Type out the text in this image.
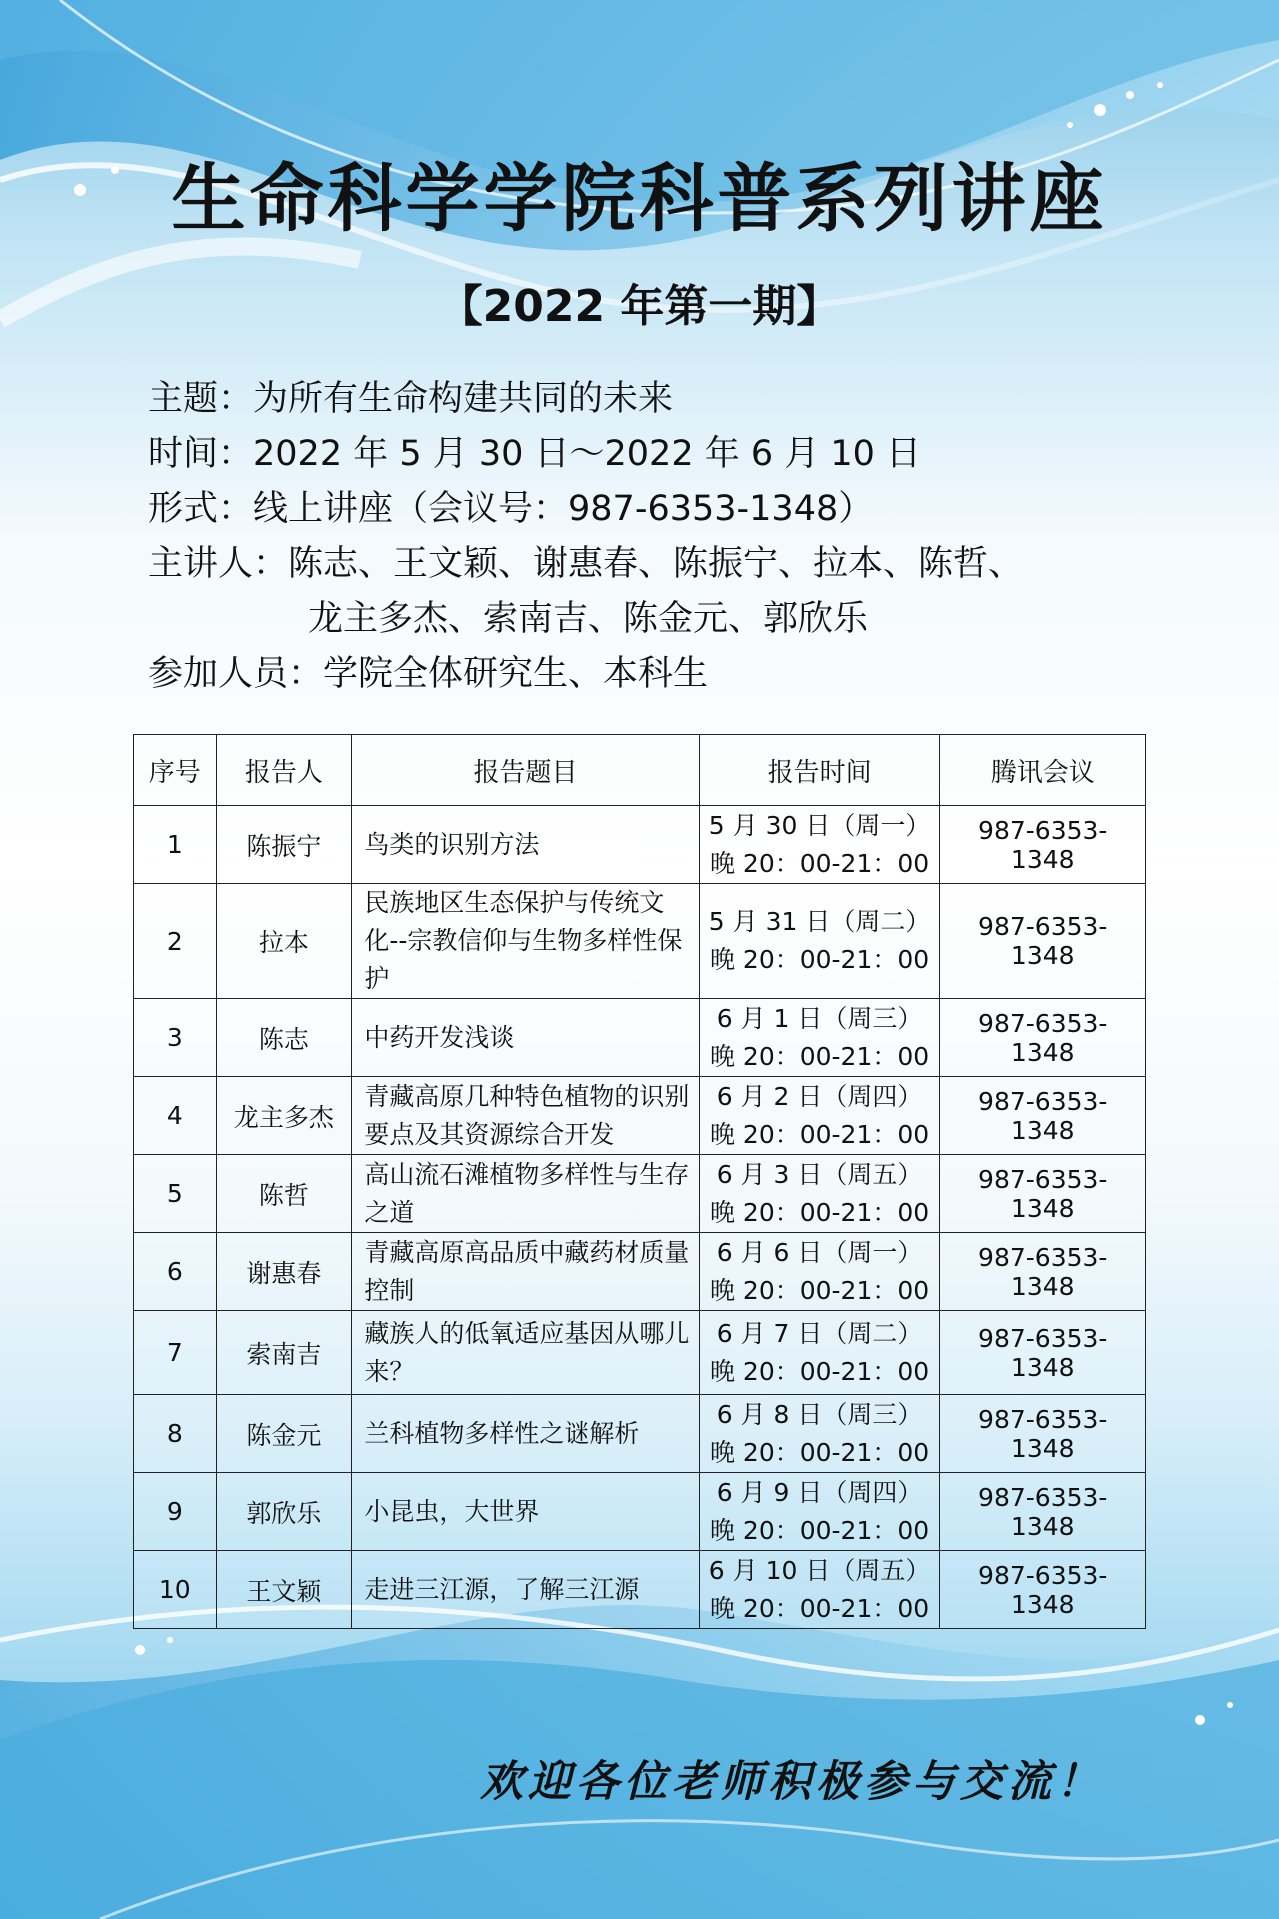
生命科学学院科普系列讲座
【2022 年第一期】
主题：为所有生命构建共同的未来
时间：2022 年 5 月 30 日～2022 年 6 月 10 日
形式：线上讲座（会议号：987-6353-1348）
主讲人：陈志、王文颖、谢惠春、陈振宁、拉本、陈哲、
龙主多杰、索南吉、陈金元、郭欣乐
参加人员：学院全体研究生、本科生
序号	报告人	报告题目	报告时间	腾讯会议
1	陈振宁	鸟类的识别方法	5 月 30 日（周一）
晚 20：00-21：00	987-6353-1348
2	拉本	民族地区生态保护与传统文化--宗教信仰与生物多样性保护	5 月 31 日（周二）
晚 20：00-21：00	987-6353-1348
3	陈志	中药开发浅谈	6 月 1 日（周三）
晚 20：00-21：00	987-6353-1348
4	龙主多杰	青藏高原几种特色植物的识别要点及其资源综合开发	6 月 2 日（周四）
晚 20：00-21：00	987-6353-1348
5	陈哲	高山流石滩植物多样性与生存之道	6 月 3 日（周五）
晚 20：00-21：00	987-6353-1348
6	谢惠春	青藏高原高品质中藏药材质量控制	6 月 6 日（周一）
晚 20：00-21：00	987-6353-1348
7	索南吉	藏族人的低氧适应基因从哪儿来？	6 月 7 日（周二）
晚 20：00-21：00	987-6353-1348
8	陈金元	兰科植物多样性之谜解析	6 月 8 日（周三）
晚 20：00-21：00	987-6353-1348
9	郭欣乐	小昆虫，大世界	6 月 9 日（周四）
晚 20：00-21：00	987-6353-1348
10	王文颖	走进三江源，了解三江源	6 月 10 日（周五）
晚 20：00-21：00	987-6353-1348
欢迎各位老师积极参与交流！
